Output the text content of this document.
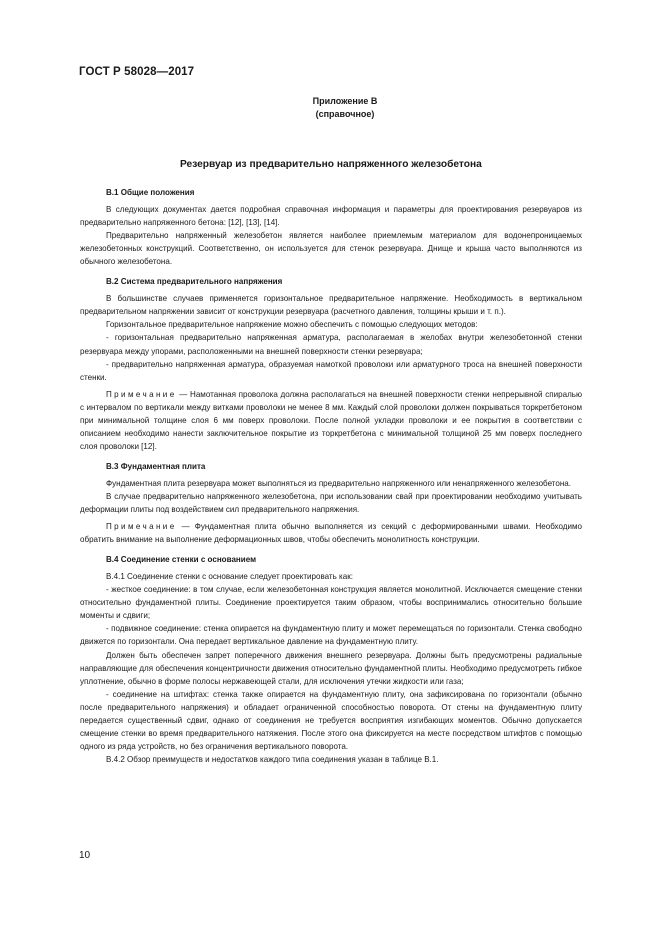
ГОСТ Р 58028—2017
Приложение В
(справочное)
Резервуар из предварительно напряженного железобетона
В.1 Общие положения

В следующих документах дается подробная справочная информация и параметры для проектирования резервуаров из предварительно напряженного бетона: [12], [13], [14].

Предварительно напряженный железобетон является наиболее приемлемым материалом для водонепроницаемых железобетонных конструкций. Соответственно, он используется для стенок резервуара. Днище и крыша часто выполняются из обычного железобетона.

В.2 Система предварительного напряжения

В большинстве случаев применяется горизонтальное предварительное напряжение. Необходимость в вертикальном предварительном напряжении зависит от конструкции резервуара (расчетного давления, толщины крыши и т. п.).

Горизонтальное предварительное напряжение можно обеспечить с помощью следующих методов:

- горизонтальная предварительно напряженная арматура, располагаемая в желобах внутри железобетонной стенки резервуара между упорами, расположенными на внешней поверхности стенки резервуара;

- предварительно напряженная арматура, образуемая намоткой проволоки или арматурного троса на внешней поверхности стенки.

Примечание — Намотанная проволока должна располагаться на внешней поверхности стенки непрерывной спиралью с интервалом по вертикали между витками проволоки не менее 8 мм. Каждый слой проволоки должен покрываться торкретбетоном при минимальной толщине слоя 6 мм поверх проволоки. После полной укладки проволоки и ее покрытия в соответствии с описанием необходимо нанести заключительное покрытие из торкретбетона с минимальной толщиной 25 мм поверх последнего слоя проволоки [12].

В.3 Фундаментная плита

Фундаментная плита резервуара может выполняться из предварительно напряженного или ненапряженного железобетона.

В случае предварительно напряженного железобетона, при использовании свай при проектировании необходимо учитывать деформации плиты под воздействием сил предварительного напряжения.

Примечание — Фундаментная плита обычно выполняется из секций с деформированными швами. Необходимо обратить внимание на выполнение деформационных швов, чтобы обеспечить монолитность конструкции.

В.4 Соединение стенки с основанием

В.4.1 Соединение стенки с основание следует проектировать как:

- жесткое соединение: в том случае, если железобетонная конструкция является монолитной. Исключается смещение стенки относительно фундаментной плиты. Соединение проектируется таким образом, чтобы воспринимались относительно большие моменты и сдвиги;

- подвижное соединение: стенка опирается на фундаментную плиту и может перемещаться по горизонтали. Стенка свободно движется по горизонтали. Она передает вертикальное давление на фундаментную плиту.

Должен быть обеспечен запрет поперечного движения внешнего резервуара. Должны быть предусмотрены радиальные направляющие для обеспечения концентричности движения относительно фундаментной плиты. Необходимо предусмотреть гибкое уплотнение, обычно в форме полосы нержавеющей стали, для исключения утечки жидкости или газа;

- соединение на штифтах: стенка также опирается на фундаментную плиту, она зафиксирована по горизонтали (обычно после предварительного напряжения) и обладает ограниченной способностью поворота. От стены на фундаментную плиту передается существенный сдвиг, однако от соединения не требуется восприятия изгибающих моментов. Обычно допускается смещение стенки во время предварительного натяжения. После этого она фиксируется на месте посредством штифтов с помощью одного из ряда устройств, но без ограничения вертикального поворота.

В.4.2 Обзор преимуществ и недостатков каждого типа соединения указан в таблице В.1.

10
